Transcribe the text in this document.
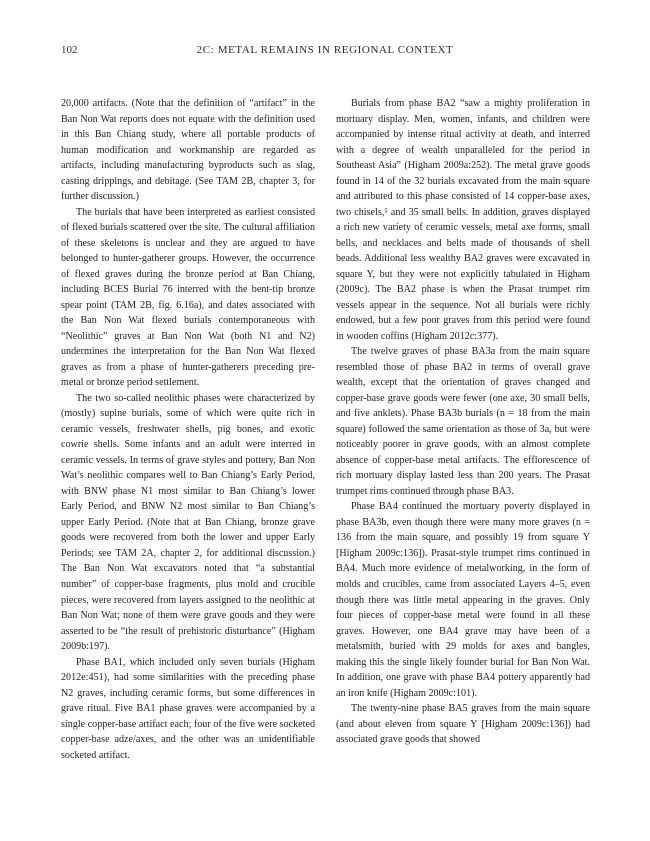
102	2C: METAL REMAINS IN REGIONAL CONTEXT

20,000 artifacts. (Note that the definition of “artifact” in the Ban Non Wat reports does not equate with the definition used in this Ban Chiang study, where all portable products of human modification and workmanship are regarded as artifacts, including manufacturing byproducts such as slag, casting drippings, and debitage. (See TAM 2B, chapter 3, for further discussion.)

The burials that have been interpreted as earliest consisted of flexed burials scattered over the site. The cultural affiliation of these skeletons is unclear and they are argued to have belonged to hunter-gatherer groups. However, the occurrence of flexed graves during the bronze period at Ban Chiang, including BCES Burial 76 interred with the bent-tip bronze spear point (TAM 2B, fig. 6.16a), and dates associated with the Ban Non Wat flexed burials contemporaneous with “Neolithic” graves at Ban Non Wat (both N1 and N2) undermines the interpretation for the Ban Non Wat flexed graves as from a phase of hunter-gatherers preceding pre-metal or bronze period settlement.

The two so-called neolithic phases were characterized by (mostly) supine burials, some of which were quite rich in ceramic vessels, freshwater shells, pig bones, and exotic cowrie shells. Some infants and an adult were interred in ceramic vessels. In terms of grave styles and pottery, Ban Non Wat’s neolithic compares well to Ban Chiang’s Early Period, with BNW phase N1 most similar to Ban Chiang’s lower Early Period, and BNW N2 most similar to Ban Chiang’s upper Early Period. (Note that at Ban Chiang, bronze grave goods were recovered from both the lower and upper Early Periods; see TAM 2A, chapter 2, for additional discussion.) The Ban Non Wat excavators noted that “a substantial number” of copper-base fragments, plus mold and crucible pieces, were recovered from layers assigned to the neolithic at Ban Non Wat; none of them were grave goods and they were asserted to be “the result of prehistoric disturbance” (Higham 2009b:197).

Phase BA1, which included only seven burials (Higham 2012e:451), had some similarities with the preceding phase N2 graves, including ceramic forms, but some differences in grave ritual. Five BA1 phase graves were accompanied by a single copper-base artifact each; four of the five were socketed copper-base adze/axes, and the other was an unidentifiable socketed artifact.

Burials from phase BA2 “saw a mighty proliferation in mortuary display. Men, women, infants, and children were accompanied by intense ritual activity at death, and interred with a degree of wealth unparalleled for the period in Southeast Asia” (Higham 2009a:252). The metal grave goods found in 14 of the 32 burials excavated from the main square and attributed to this phase consisted of 14 copper-base axes, two chisels,⁵ and 35 small bells. In addition, graves displayed a rich new variety of ceramic vessels, metal axe forms, small bells, and necklaces and belts made of thousands of shell beads. Additional less wealthy BA2 graves were excavated in square Y, but they were not explicitly tabulated in Higham (2009c). The BA2 phase is when the Prasat trumpet rim vessels appear in the sequence. Not all burials were richly endowed, but a few poor graves from this period were found in wooden coffins (Higham 2012c:377).

The twelve graves of phase BA3a from the main square resembled those of phase BA2 in terms of overall grave wealth, except that the orientation of graves changed and copper-base grave goods were fewer (one axe, 30 small bells, and five anklets). Phase BA3b burials (n = 18 from the main square) followed the same orientation as those of 3a, but were noticeably poorer in grave goods, with an almost complete absence of copper-base metal artifacts. The efflorescence of rich mortuary display lasted less than 200 years. The Prasat trumpet rims continued through phase BA3.

Phase BA4 continued the mortuary poverty displayed in phase BA3b, even though there were many more graves (n = 136 from the main square, and possibly 19 from square Y [Higham 2009c:136]). Prasat-style trumpet rims continued in BA4. Much more evidence of metalworking, in the form of molds and crucibles, came from associated Layers 4–5, even though there was little metal appearing in the graves. Only four pieces of copper-base metal were found in all these graves. However, one BA4 grave may have been of a metalsmith, buried with 29 molds for axes and bangles, making this the single likely founder burial for Ban Non Wat. In addition, one grave with phase BA4 pottery apparently had an iron knife (Higham 2009c:101).

The twenty-nine phase BA5 graves from the main square (and about eleven from square Y [Higham 2009c:136]) had associated grave goods that showed
